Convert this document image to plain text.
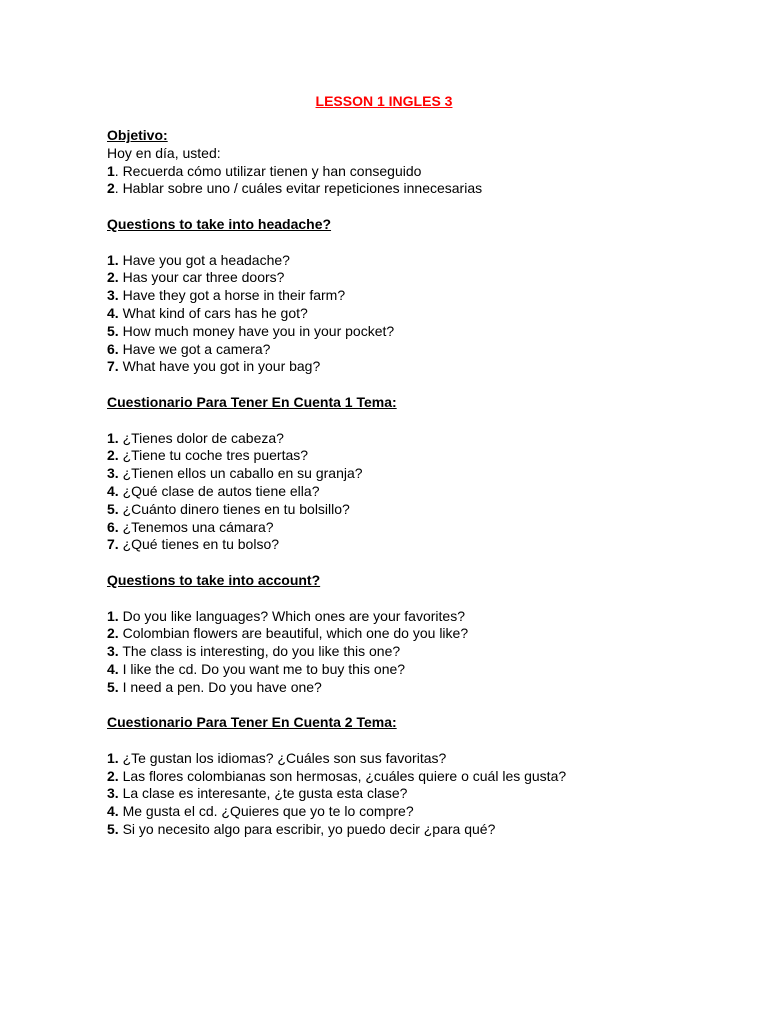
LESSON 1 INGLES 3
Objetivo:
Hoy en día, usted:
1. Recuerda cómo utilizar tienen y han conseguido
2. Hablar sobre uno / cuáles evitar repeticiones innecesarias
Questions to take into headache?
1. Have you got a headache?
2. Has your car three doors?
3. Have they got a horse in their farm?
4. What kind of cars has he got?
5. How much money have you in your pocket?
6. Have we got a camera?
7. What have you got in your bag?
Cuestionario Para Tener En Cuenta 1 Tema:
1. ¿Tienes dolor de cabeza?
2. ¿Tiene tu coche tres puertas?
3. ¿Tienen ellos un caballo en su granja?
4. ¿Qué clase de autos tiene ella?
5. ¿Cuánto dinero tienes en tu bolsillo?
6. ¿Tenemos una cámara?
7. ¿Qué tienes en tu bolso?
Questions to take into account?
1. Do you like languages? Which ones are your favorites?
2. Colombian flowers are beautiful, which one do you like?
3. The class is interesting, do you like this one?
4. I like the cd. Do you want me to buy this one?
5. I need a pen. Do you have one?
Cuestionario Para Tener En Cuenta 2 Tema:
1. ¿Te gustan los idiomas? ¿Cuáles son sus favoritas?
2. Las flores colombianas son hermosas, ¿cuáles quiere o cuál les gusta?
3. La clase es interesante, ¿te gusta esta clase?
4. Me gusta el cd. ¿Quieres que yo te lo compre?
5. Si yo necesito algo para escribir, yo puedo decir ¿para qué?
